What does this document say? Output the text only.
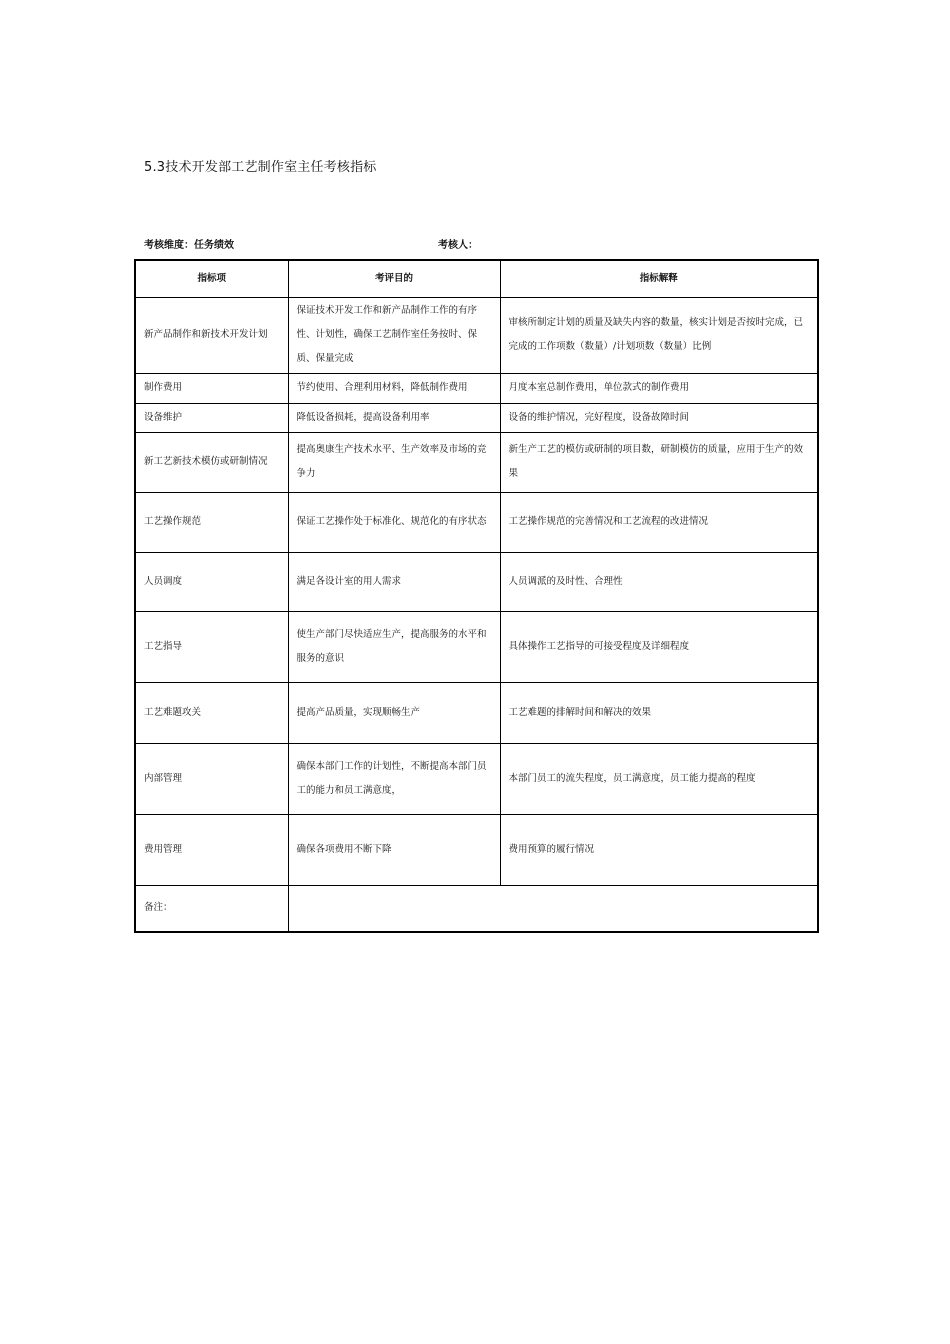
5.3技术开发部工艺制作室主任考核指标
考核维度：任务绩效	考核人：
指标项	考评目的	指标解释
新产品制作和新技术开发计划	保证技术开发工作和新产品制作工作的有序性、计划性，确保工艺制作室任务按时、保质、保量完成	审核所制定计划的质量及缺失内容的数量，核实计划是否按时完成，已完成的工作项数（数量）/计划项数（数量）比例
制作费用	节约使用、合理利用材料，降低制作费用	月度本室总制作费用，单位款式的制作费用
设备维护	降低设备损耗，提高设备利用率	设备的维护情况，完好程度，设备故障时间
新工艺新技术模仿或研制情况	提高奥康生产技术水平、生产效率及市场的竞争力	新生产工艺的模仿或研制的项目数，研制模仿的质量，应用于生产的效果
工艺操作规范	保证工艺操作处于标准化、规范化的有序状态	工艺操作规范的完善情况和工艺流程的改进情况
人员调度	满足各设计室的用人需求	人员调派的及时性、合理性
工艺指导	使生产部门尽快适应生产，提高服务的水平和服务的意识	具体操作工艺指导的可接受程度及详细程度
工艺难题攻关	提高产品质量，实现顺畅生产	工艺难题的排解时间和解决的效果
内部管理	确保本部门工作的计划性，不断提高本部门员工的能力和员工满意度，	本部门员工的流失程度，员工满意度，员工能力提高的程度
费用管理	确保各项费用不断下降	费用预算的履行情况
备注：		
